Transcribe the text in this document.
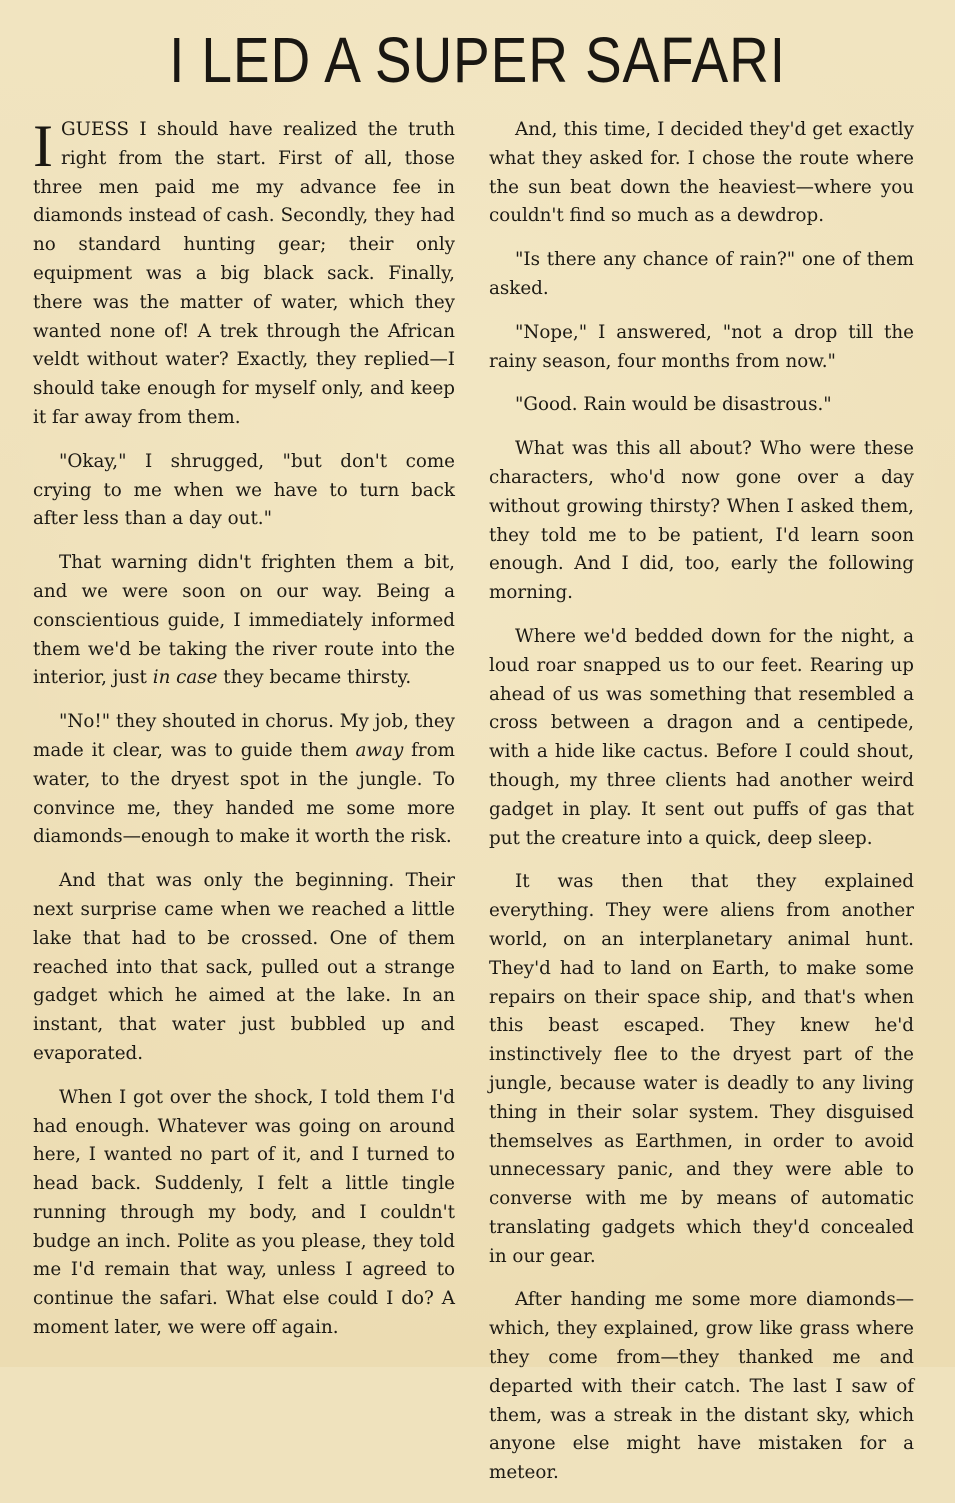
I LED A SUPER SAFARI

IGUESS I should have realized the truth right from the start. First of all, those three men paid me my advance fee in diamonds instead of cash. Secondly, they had no standard hunting gear; their only equipment was a big black sack. Finally, there was the matter of water, which they wanted none of! A trek through the African veldt without water? Exactly, they replied—I should take enough for myself only, and keep it far away from them.

"Okay," I shrugged, "but don't come crying to me when we have to turn back after less than a day out."

That warning didn't frighten them a bit, and we were soon on our way. Being a conscientious guide, I immediately informed them we'd be taking the river route into the interior, just in case they became thirsty.

"No!" they shouted in chorus. My job, they made it clear, was to guide them away from water, to the dryest spot in the jungle. To convince me, they handed me some more diamonds—enough to make it worth the risk.

And that was only the beginning. Their next surprise came when we reached a little lake that had to be crossed. One of them reached into that sack, pulled out a strange gadget which he aimed at the lake. In an instant, that water just bubbled up and evaporated.

When I got over the shock, I told them I'd had enough. Whatever was going on around here, I wanted no part of it, and I turned to head back. Suddenly, I felt a little tingle running through my body, and I couldn't budge an inch. Polite as you please, they told me I'd remain that way, unless I agreed to continue the safari. What else could I do? A moment later, we were off again.

And, this time, I decided they'd get exactly what they asked for. I chose the route where the sun beat down the heaviest—where you couldn't find so much as a dewdrop.

"Is there any chance of rain?" one of them asked.

"Nope," I answered, "not a drop till the rainy season, four months from now."

"Good. Rain would be disastrous."

What was this all about? Who were these characters, who'd now gone over a day without growing thirsty? When I asked them, they told me to be patient, I'd learn soon enough. And I did, too, early the following morning.

Where we'd bedded down for the night, a loud roar snapped us to our feet. Rearing up ahead of us was something that resembled a cross between a dragon and a centipede, with a hide like cactus. Before I could shout, though, my three clients had another weird gadget in play. It sent out puffs of gas that put the creature into a quick, deep sleep.

It was then that they explained everything. They were aliens from another world, on an interplanetary animal hunt. They'd had to land on Earth, to make some repairs on their space ship, and that's when this beast escaped. They knew he'd instinctively flee to the dryest part of the jungle, because water is deadly to any living thing in their solar system. They disguised themselves as Earthmen, in order to avoid unnecessary panic, and they were able to converse with me by means of automatic translating gadgets which they'd concealed in our gear.

After handing me some more diamonds—which, they explained, grow like grass where they come from—they thanked me and departed with their catch. The last I saw of them, was a streak in the distant sky, which anyone else might have mistaken for a meteor.
